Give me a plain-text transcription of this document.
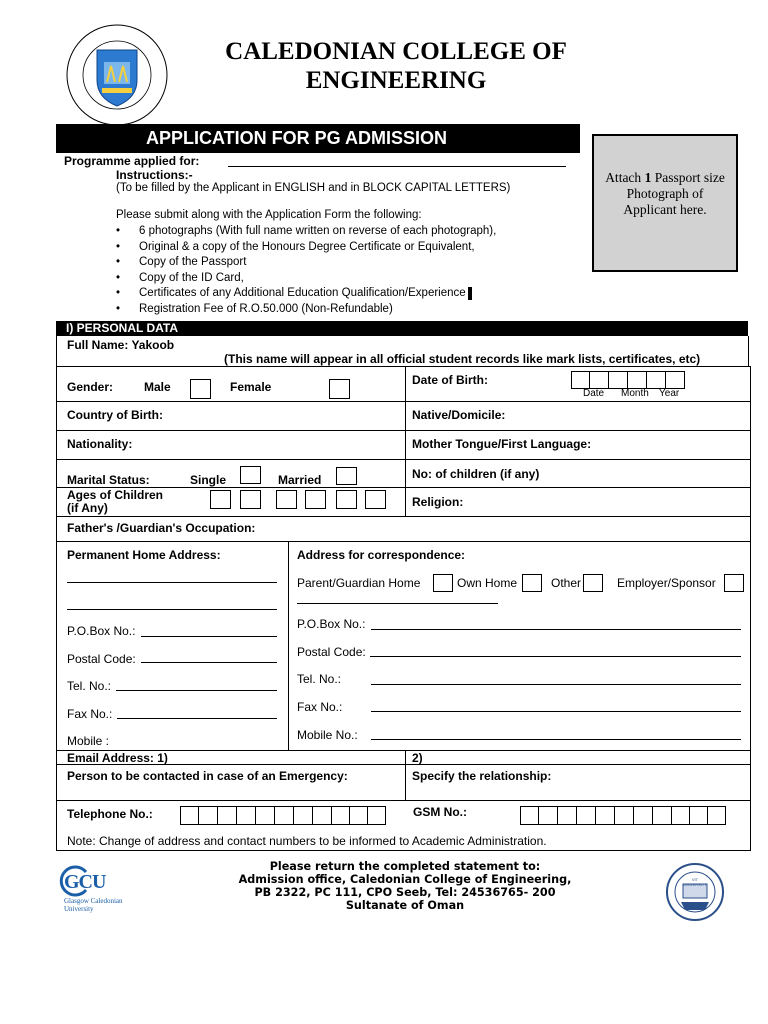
CALEDONIAN COLLEGE OF
ENGINEERING
APPLICATION FOR PG ADMISSION
Programme applied for:
Instructions:-
(To be filled by the Applicant in ENGLISH and in BLOCK CAPITAL LETTERS)
Please submit along with the Application Form the following:
• 6 photographs (With full name written on reverse of each photograph),
• Original & a copy of the Honours Degree Certificate or Equivalent,
• Copy of the Passport
• Copy of the ID Card,
• Certificates of any Additional Education Qualification/Experience
• Registration Fee of R.O.50.000 (Non-Refundable)
Attach 1 Passport size
Photograph of
Applicant here.
I) PERSONAL DATA
Full Name: Yakoob
(This name will appear in all official student records like mark lists, certificates, etc)
Gender:	Male	Female	Date of Birth:
Date Month Year
Country of Birth:	Native/Domicile:
Nationality:	Mother Tongue/First Language:
Marital Status:	Single	Married	No: of children (if any)
Ages of Children
(if Any)	Religion:
Father's /Guardian's Occupation:
Permanent Home Address:
P.O.Box No.:
Postal Code:
Tel. No.:
Fax No.:
Mobile :
Address for correspondence:
Parent/Guardian Home	Own Home	Other	Employer/Sponsor
P.O.Box No.:
Postal Code:
Tel. No.:
Fax No.:
Mobile No.:
Email Address: 1)	2)
Person to be contacted in case of an Emergency:	Specify the relationship:
Telephone No.:	GSM No.:
Note: Change of address and contact numbers to be informed to Academic Administration.
GCU
Glasgow Caledonian
University
Please return the completed statement to:
Admission office, Caledonian College of Engineering,
PB 2322, PC 111, CPO Seeb, Tel: 24536765- 200
Sultanate of Oman
VIT UNIVERSITY
